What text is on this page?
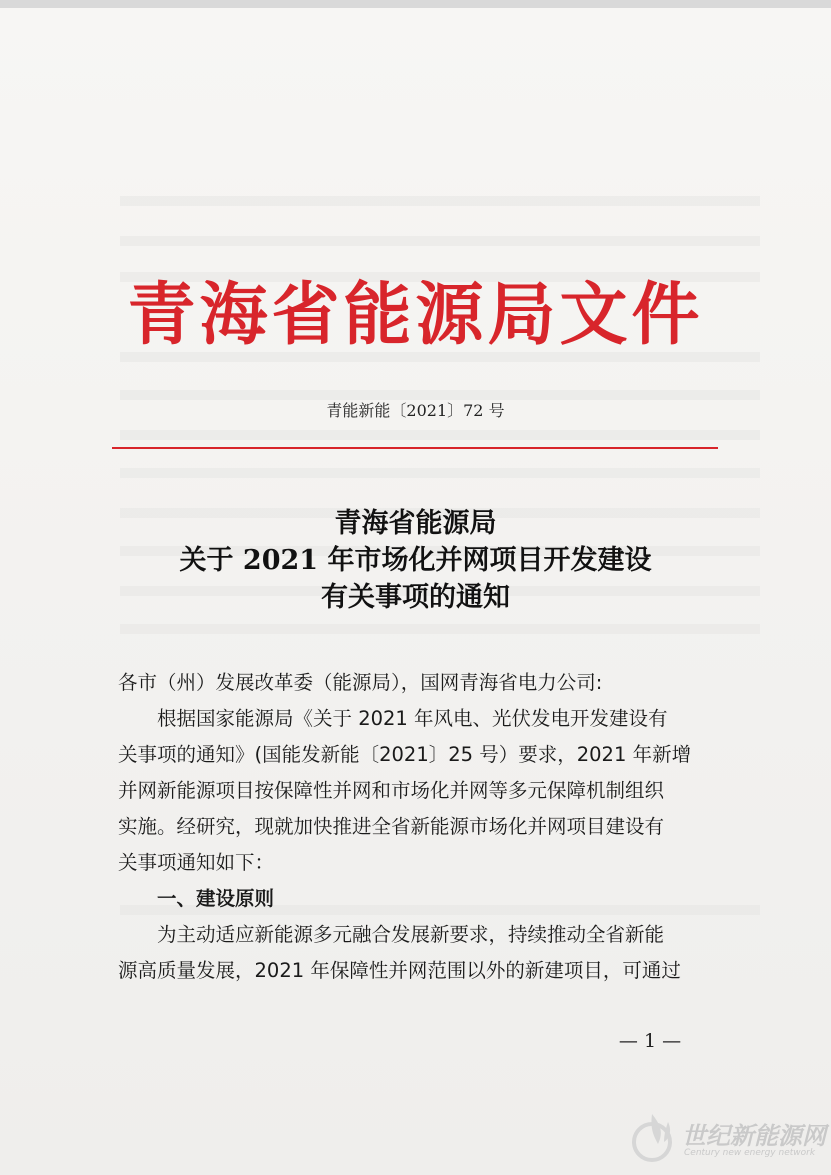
青海省能源局文件
青能新能〔2021〕72 号
青海省能源局
关于 2021 年市场化并网项目开发建设
有关事项的通知

各市（州）发展改革委（能源局），国网青海省电力公司:

根据国家能源局《关于 2021 年风电、光伏发电开发建设有

关事项的通知》(国能发新能〔2021〕25 号）要求，2021 年新增
并网新能源项目按保障性并网和市场化并网等多元保障机制组织
实施。经研究，现就加快推进全省新能源市场化并网项目建设有
关事项通知如下：

一、建设原则

为主动适应新能源多元融合发展新要求，持续推动全省新能

源高质量发展，2021 年保障性并网范围以外的新建项目，可通过

— 1 —
世纪新能源网
Century new energy network
